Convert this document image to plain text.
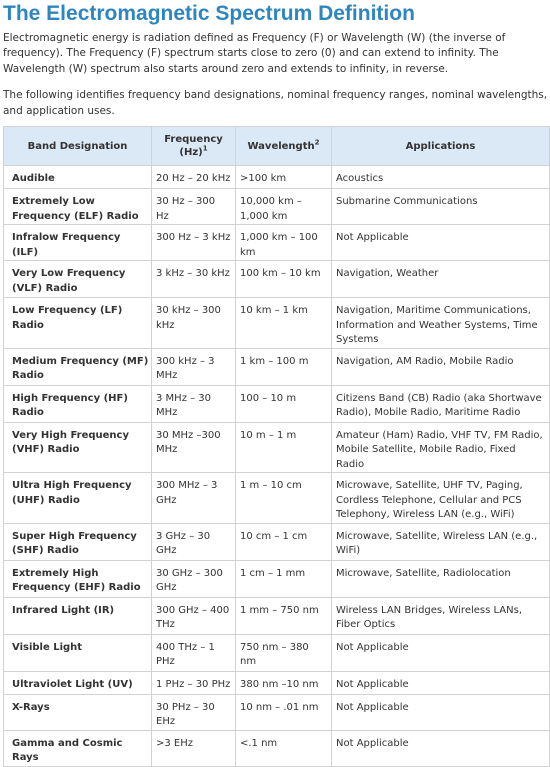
The Electromagnetic Spectrum Definition

Electromagnetic energy is radiation defined as Frequency (F) or Wavelength (W) (the inverse of frequency). The Frequency (F) spectrum starts close to zero (0) and can extend to infinity. The Wavelength (W) spectrum also starts around zero and extends to infinity, in reverse.

The following identifies frequency band designations, nominal frequency ranges, nominal wavelengths, and application uses.

Band Designation	Frequency $(Hz)^1$	Wavelength$^2$	Applications
Audible	20 Hz – 20 kHz	>100 km	Acoustics
Extremely Low Frequency (ELF) Radio	30 Hz – 300 Hz	10,000 km – 1,000 km	Submarine Communications
Infralow Frequency (ILF)	300 Hz – 3 kHz	1,000 km – 100 km	Not Applicable
Very Low Frequency (VLF) Radio	3 kHz – 30 kHz	100 km – 10 km	Navigation, Weather
Low Frequency (LF) Radio	30 kHz – 300 kHz	10 km – 1 km	Navigation, Maritime Communications, Information and Weather Systems, Time Systems
Medium Frequency (MF) Radio	300 kHz – 3 MHz	1 km – 100 m	Navigation, AM Radio, Mobile Radio
High Frequency (HF) Radio	3 MHz – 30 MHz	100 – 10 m	Citizens Band (CB) Radio (aka Shortwave Radio), Mobile Radio, Maritime Radio
Very High Frequency (VHF) Radio	30 MHz –300 MHz	10 m – 1 m	Amateur (Ham) Radio, VHF TV, FM Radio, Mobile Satellite, Mobile Radio, Fixed Radio
Ultra High Frequency (UHF) Radio	300 MHz – 3 GHz	1 m – 10 cm	Microwave, Satellite, UHF TV, Paging, Cordless Telephone, Cellular and PCS Telephony, Wireless LAN (e.g., WiFi)
Super High Frequency (SHF) Radio	3 GHz – 30 GHz	10 cm – 1 cm	Microwave, Satellite, Wireless LAN (e.g., WiFi)
Extremely High Frequency (EHF) Radio	30 GHz – 300 GHz	1 cm – 1 mm	Microwave, Satellite, Radiolocation
Infrared Light (IR)	300 GHz – 400 THz	1 mm – 750 nm	Wireless LAN Bridges, Wireless LANs, Fiber Optics
Visible Light	400 THz – 1 PHz	750 nm – 380 nm	Not Applicable
Ultraviolet Light (UV)	1 PHz – 30 PHz	380 nm –10 nm	Not Applicable
X-Rays	30 PHz – 30 EHz	10 nm – .01 nm	Not Applicable
Gamma and Cosmic Rays	>3 EHz	<.1 nm	Not Applicable
